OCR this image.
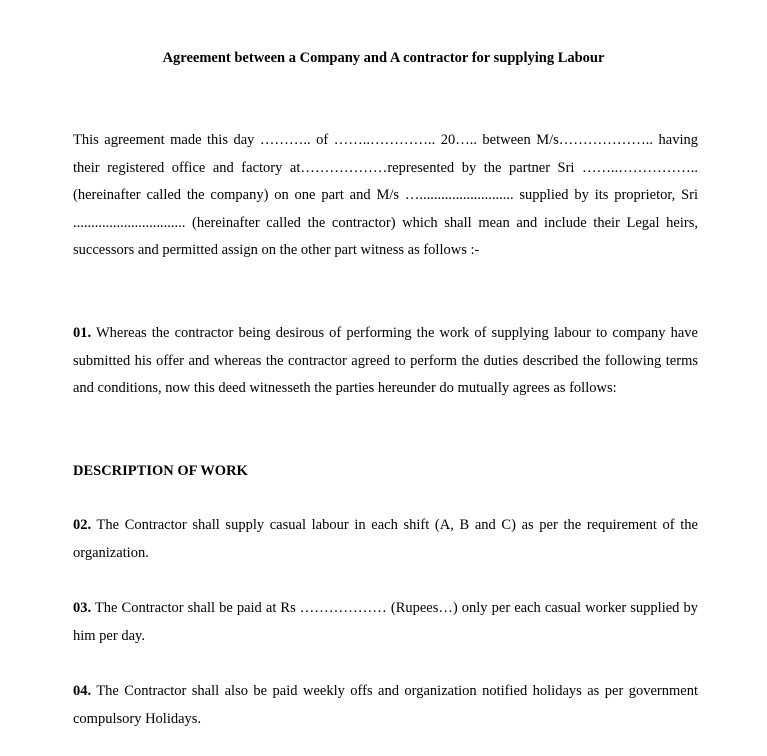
Agreement between a Company and A contractor for supplying Labour

This agreement made this day ……….. of ……..………….. 20….. between M/s……………….. having their registered office and factory at………………represented by the partner Sri ……..…………….. (hereinafter called the company) on one part and M/s ….......................... supplied by its proprietor, Sri ............................... (hereinafter called the contractor) which shall mean and include their Legal heirs, successors and permitted assign on the other part witness as follows :-

01. Whereas the contractor being desirous of performing the work of supplying labour to company have submitted his offer and whereas the contractor agreed to perform the duties described the following terms and conditions, now this deed witnesseth the parties hereunder do mutually agrees as follows:

DESCRIPTION OF WORK

02. The Contractor shall supply casual labour in each shift (A, B and C) as per the requirement of the organization.

03. The Contractor shall be paid at Rs ……………… (Rupees…) only per each casual worker supplied by him per day.

04. The Contractor shall also be paid weekly offs and organization notified holidays as per government compulsory Holidays.
